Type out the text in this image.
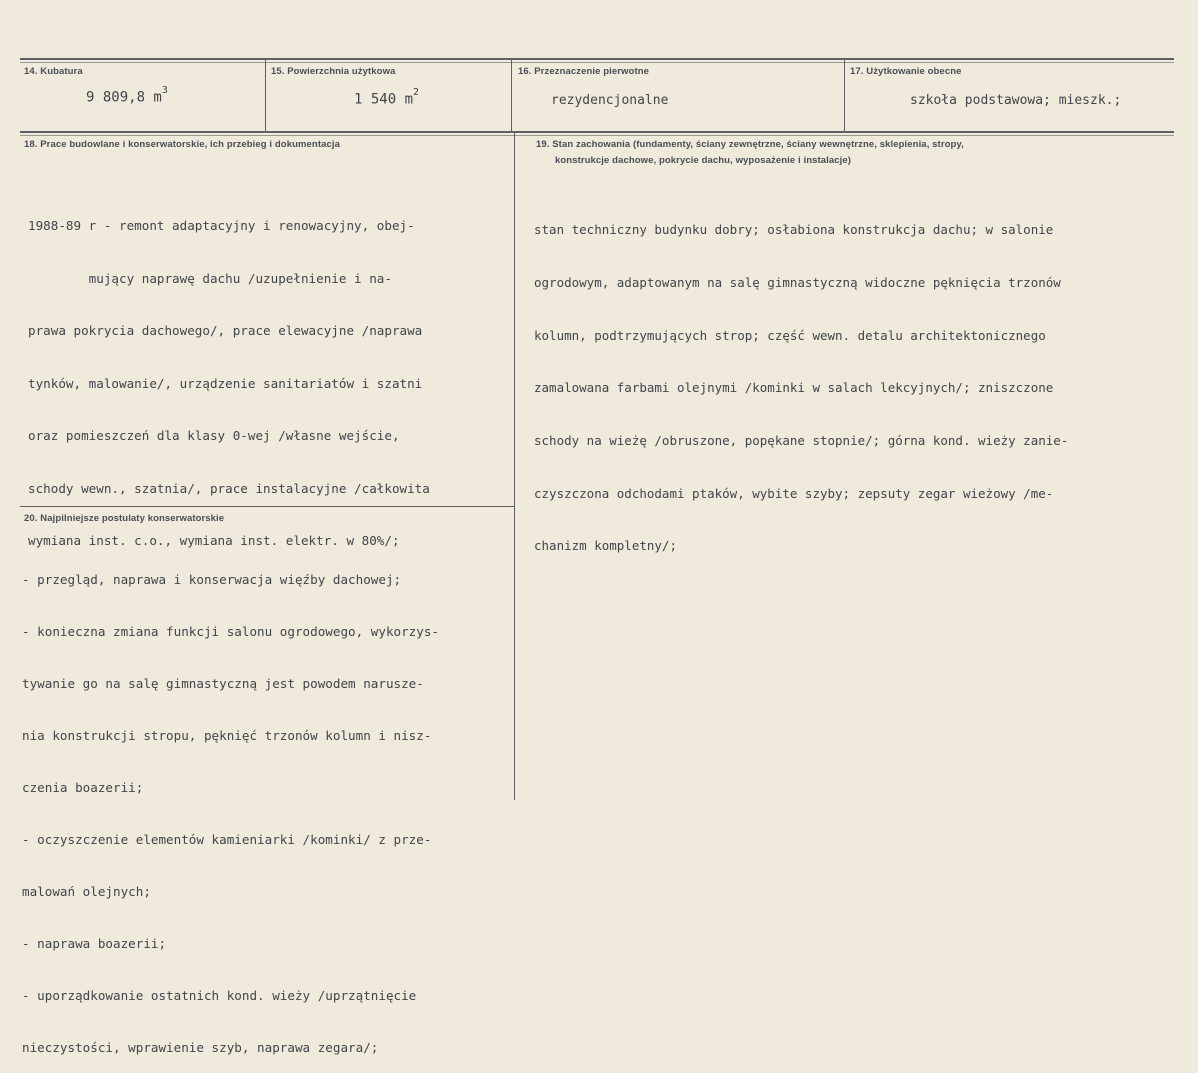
14. Kubatura
9 809,8 $m^3$
15. Powierzchnia użytkowa
1 540 $m^2$
16. Przeznaczenie pierwotne
rezydencjonalne
17. Użytkowanie obecne
szkoła podstawowa; mieszk.;
18. Prace budowlane i konserwatorskie, ich przebieg i dokumentacja

1988-89 r - remont adaptacyjny i renowacyjny, obej-

mujący naprawę dachu /uzupełnienie i na-

prawa pokrycia dachowego/, prace elewacyjne /naprawa

tynków, malowanie/, urządzenie sanitariatów i szatni

oraz pomieszczeń dla klasy 0-wej /własne wejście,

schody wewn., szatnia/, prace instalacyjne /całkowita

wymiana inst. c.o., wymiana inst. elektr. w 80%/;

19. Stan zachowania (fundamenty, ściany zewnętrzne, ściany wewnętrzne, sklepienia, stropy,
konstrukcje dachowe, pokrycie dachu, wyposażenie i instalacje)

stan techniczny budynku dobry; osłabiona konstrukcja dachu; w salonie

ogrodowym, adaptowanym na salę gimnastyczną widoczne pęknięcia trzonów

kolumn, podtrzymujących strop; część wewn. detalu architektonicznego

zamalowana farbami olejnymi /kominki w salach lekcyjnych/; zniszczone

schody na wieżę /obruszone, popękane stopnie/; górna kond. wieży zanie-

czyszczona odchodami ptaków, wybite szyby; zepsuty zegar wieżowy /me-

chanizm kompletny/;

20. Najpilniejsze postulaty konserwatorskie

- przegląd, naprawa i konserwacja więźby dachowej;

- konieczna zmiana funkcji salonu ogrodowego, wykorzys-

tywanie go na salę gimnastyczną jest powodem narusze-

nia konstrukcji stropu, pęknięć trzonów kolumn i nisz-

czenia boazerii;

- oczyszczenie elementów kamieniarki /kominki/ z prze-

malowań olejnych;

- naprawa boazerii;

- uporządkowanie ostatnich kond. wieży /uprzątnięcie

nieczystości, wprawienie szyb, naprawa zegara/;
